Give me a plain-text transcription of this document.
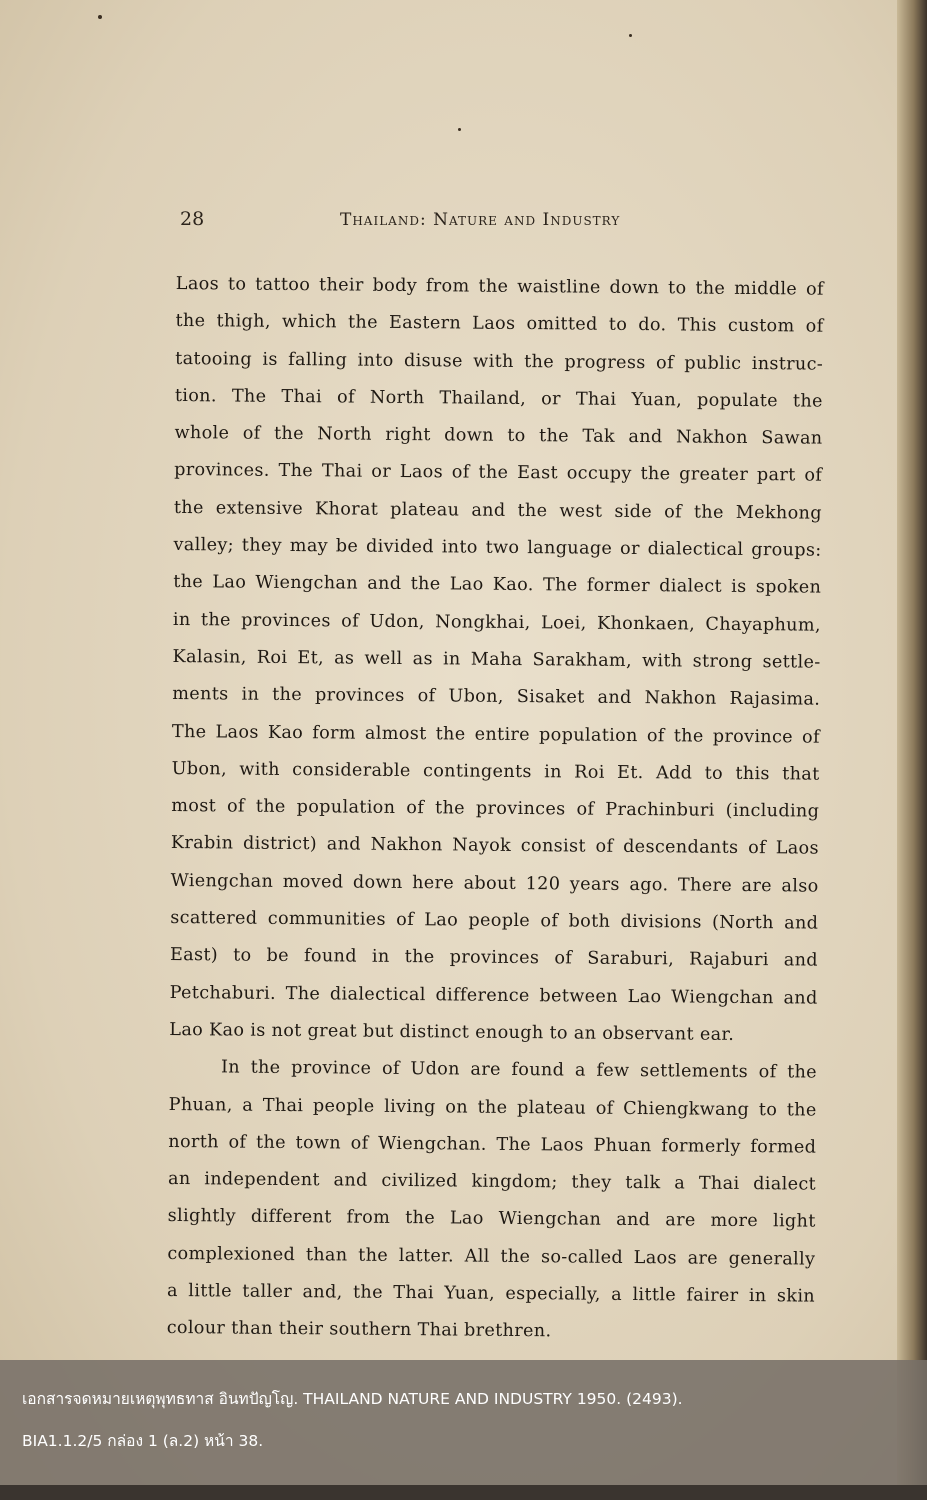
28	Thailand: Nature and Industry
Laos to tattoo their body from the waistline down to the middle of
the thigh, which the Eastern Laos omitted to do. This custom of
tatooing is falling into disuse with the progress of public instruc-
tion. The Thai of North Thailand, or Thai Yuan, populate the
whole of the North right down to the Tak and Nakhon Sawan
provinces. The Thai or Laos of the East occupy the greater part of
the extensive Khorat plateau and the west side of the Mekhong
valley; they may be divided into two language or dialectical groups:
the Lao Wiengchan and the Lao Kao. The former dialect is spoken
in the provinces of Udon, Nongkhai, Loei, Khonkaen, Chayaphum,
Kalasin, Roi Et, as well as in Maha Sarakham, with strong settle-
ments in the provinces of Ubon, Sisaket and Nakhon Rajasima.
The Laos Kao form almost the entire population of the province of
Ubon, with considerable contingents in Roi Et. Add to this that
most of the population of the provinces of Prachinburi (including
Krabin district) and Nakhon Nayok consist of descendants of Laos
Wiengchan moved down here about 120 years ago. There are also
scattered communities of Lao people of both divisions (North and
East) to be found in the provinces of Saraburi, Rajaburi and
Petchaburi. The dialectical difference between Lao Wiengchan and
Lao Kao is not great but distinct enough to an observant ear.
In the province of Udon are found a few settlements of the
Phuan, a Thai people living on the plateau of Chiengkwang to the
north of the town of Wiengchan. The Laos Phuan formerly formed
an independent and civilized kingdom; they talk a Thai dialect
slightly different from the Lao Wiengchan and are more light
complexioned than the latter. All the so-called Laos are generally
a little taller and, the Thai Yuan, especially, a little fairer in skin
colour than their southern Thai brethren.
เอกสารจดหมายเหตุพุทธทาส อินทปัญโญ. THAILAND NATURE AND INDUSTRY 1950. (2493).
BIA1.1.2/5 กล่อง 1 (ล.2) หน้า 38.
